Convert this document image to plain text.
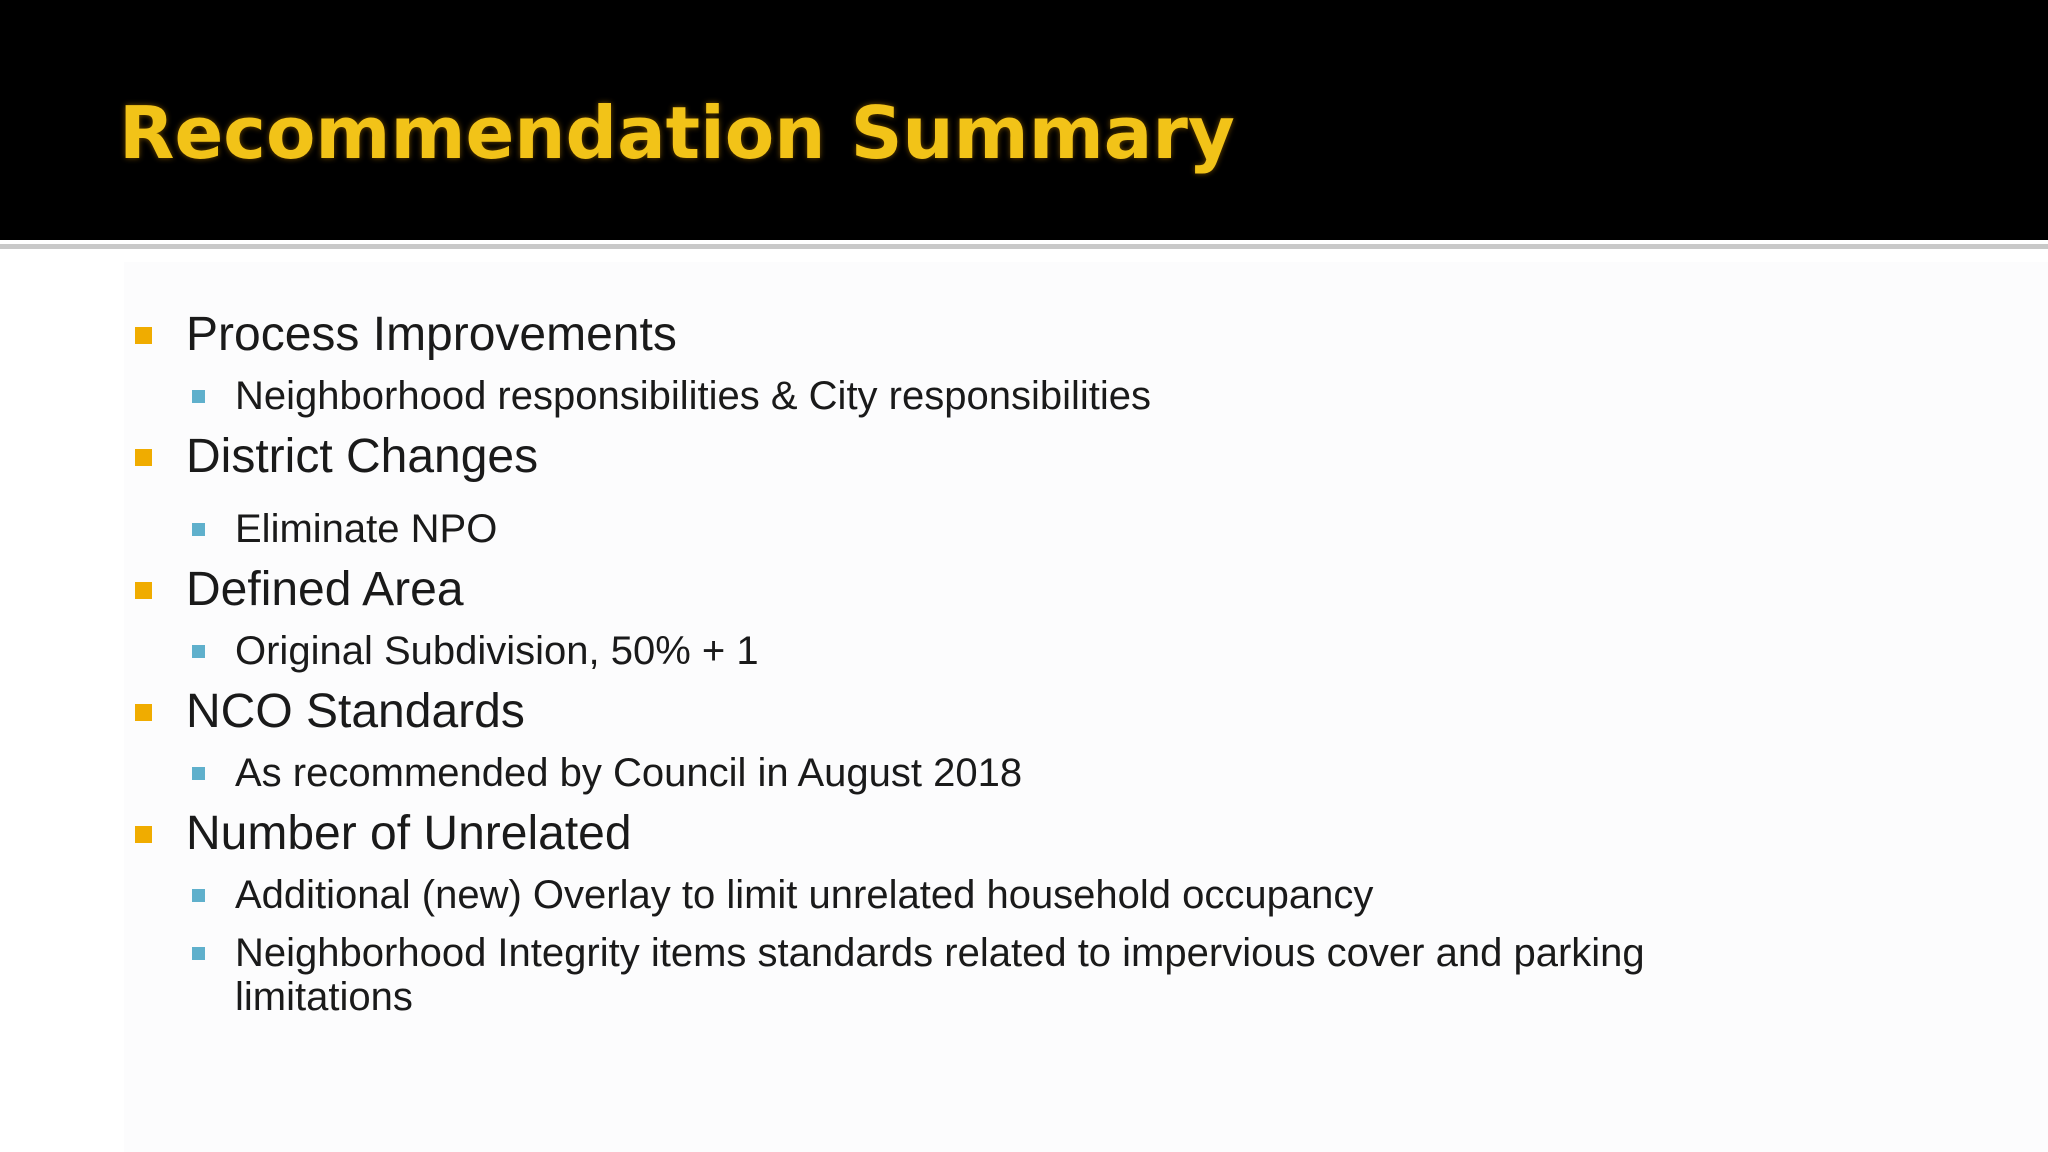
Recommendation Summary
Process Improvements
Neighborhood responsibilities & City responsibilities
District Changes
Eliminate NPO
Defined Area
Original Subdivision, 50% + 1
NCO Standards
As recommended by Council in August 2018
Number of Unrelated
Additional (new) Overlay to limit unrelated household occupancy
Neighborhood Integrity items standards related to impervious cover and parking limitations
